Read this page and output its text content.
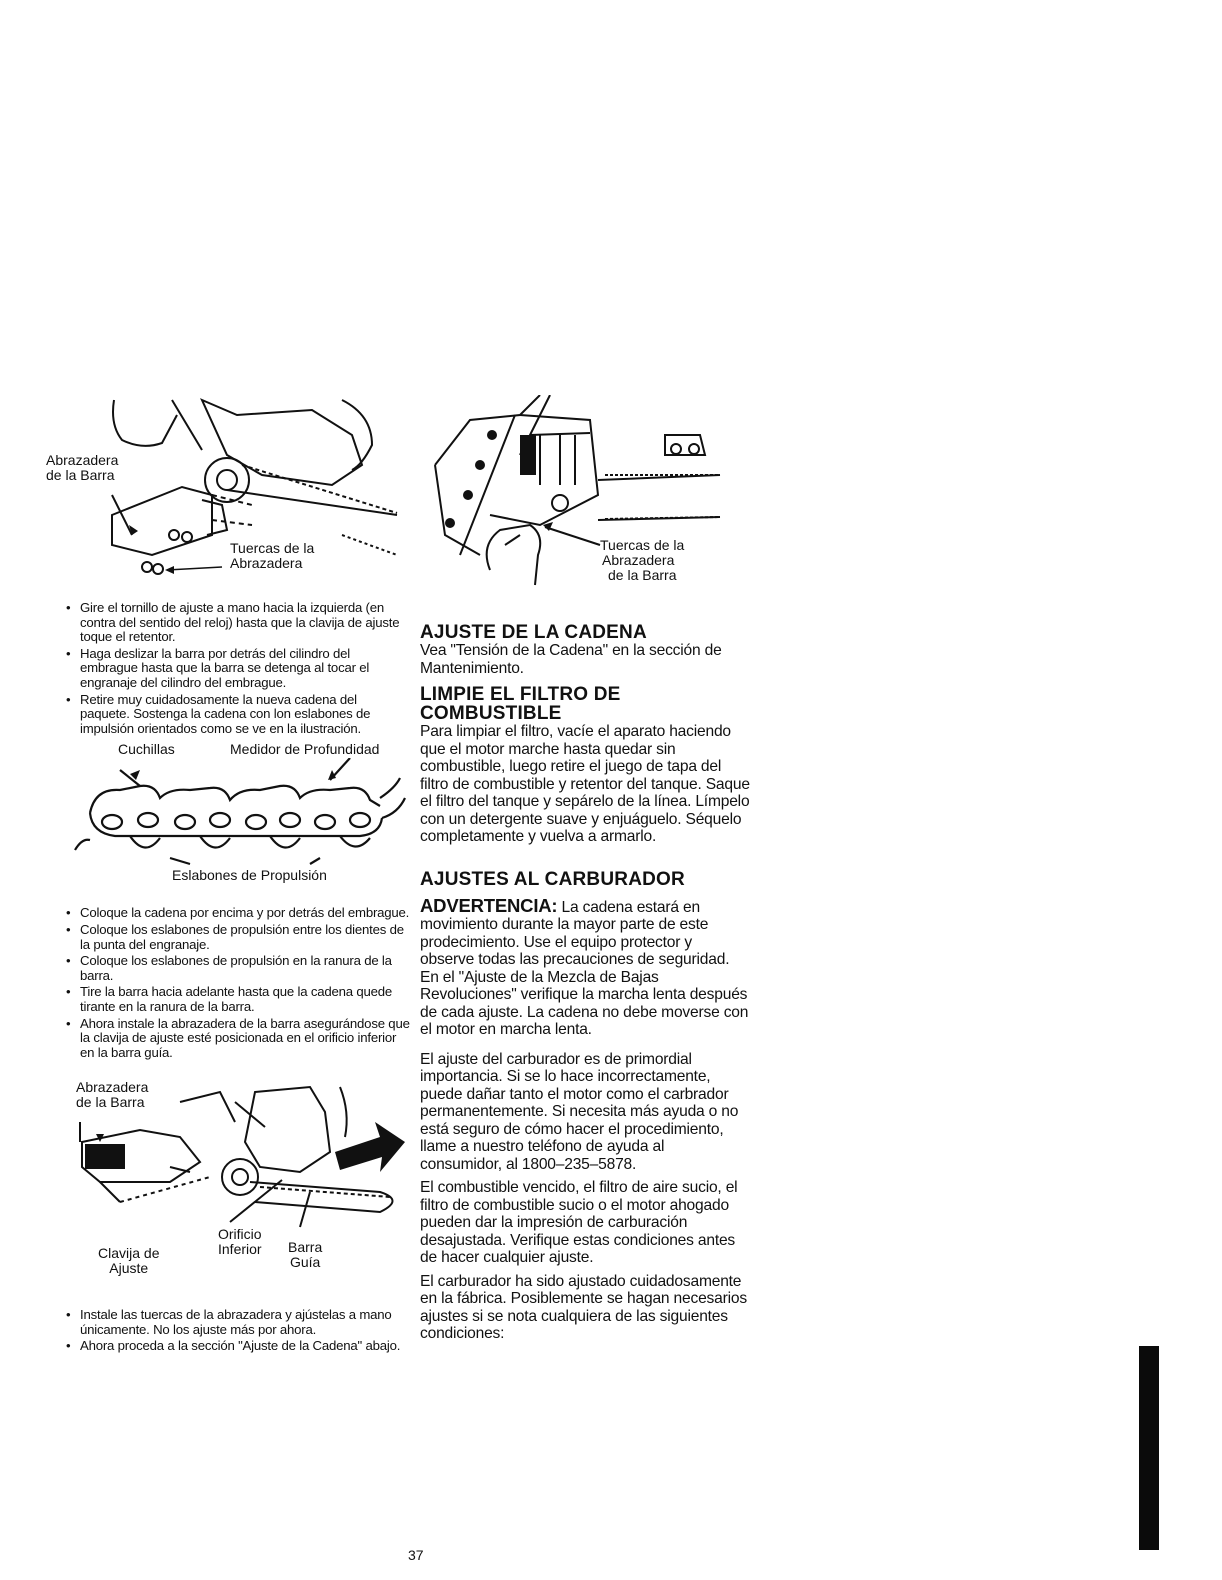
Abrazadera
de la Barra
Tuercas de la
Abrazadera
• Gire el tornillo de ajuste a mano hacia la izquierda (en contra del sentido del reloj) hasta que la clavija de ajuste toque el retentor.
• Haga deslizar la barra por detrás del cilindro del embrague hasta que la barra se detenga al tocar el engranaje del cilindro del embrague.
• Retire muy cuidadosamente la nueva cadena del paquete. Sostenga la cadena con lon eslabones de impulsión orientados como se ve en la ilustración.
Cuchillas	Medidor de Profundidad
Eslabones de Propulsión
• Coloque la cadena por encima y por detrás del embrague.
• Coloque los eslabones de propulsión entre los dientes de la punta del engranaje.
• Coloque los eslabones de propulsión en la ranura de la barra.
• Tire la barra hacia adelante hasta que la cadena quede tirante en la ranura de la barra.
• Ahora instale la abrazadera de la barra asegurándose que la clavija de ajuste esté posicionada en el orificio inferior en la barra guía.
Abrazadera
de la Barra
Orificio
Inferior
Clavija de
Ajuste
Barra
Guía
• Instale las tuercas de la abrazadera y ajústelas a mano únicamente. No los ajuste más por ahora.
• Ahora proceda a la sección "Ajuste de la Cadena" abajo.
Tuercas de la
Abrazadera
de la Barra
AJUSTE DE LA CADENA

Vea "Tensión de la Cadena" en la sección de Mantenimiento.

LIMPIE EL FILTRO DE
COMBUSTIBLE

Para limpiar el filtro, vacíe el aparato haciendo que el motor marche hasta quedar sin combustible, luego retire el juego de tapa del filtro de combustible y retentor del tanque. Saque el filtro del tanque y sepárelo de la línea. Límpelo con un detergente suave y enjuáguelo. Séquelo completamente y vuelva a armarlo.

AJUSTES AL CARBURADOR

ADVERTENCIA: La cadena estará en movimiento durante la mayor parte de este prodecimiento. Use el equipo protector y observe todas las precauciones de seguridad. En el "Ajuste de la Mezcla de Bajas Revoluciones" verifique la marcha lenta después de cada ajuste. La cadena no debe moverse con el motor en marcha lenta.

El ajuste del carburador es de primordial importancia. Si se lo hace incorrectamente, puede dañar tanto el motor como el carbrador permanentemente. Si necesita más ayuda o no está seguro de cómo hacer el procedimiento, llame a nuestro teléfono de ayuda al consumidor, al 1800–235–5878.

El combustible vencido, el filtro de aire sucio, el filtro de combustible sucio o el motor ahogado pueden dar la impresión de carburación desajustada. Verifique estas condiciones antes de hacer cualquier ajuste.

El carburador ha sido ajustado cuidadosamente en la fábrica. Posiblemente se hagan necesarios ajustes si se nota cualquiera de las siguientes condiciones:

37
